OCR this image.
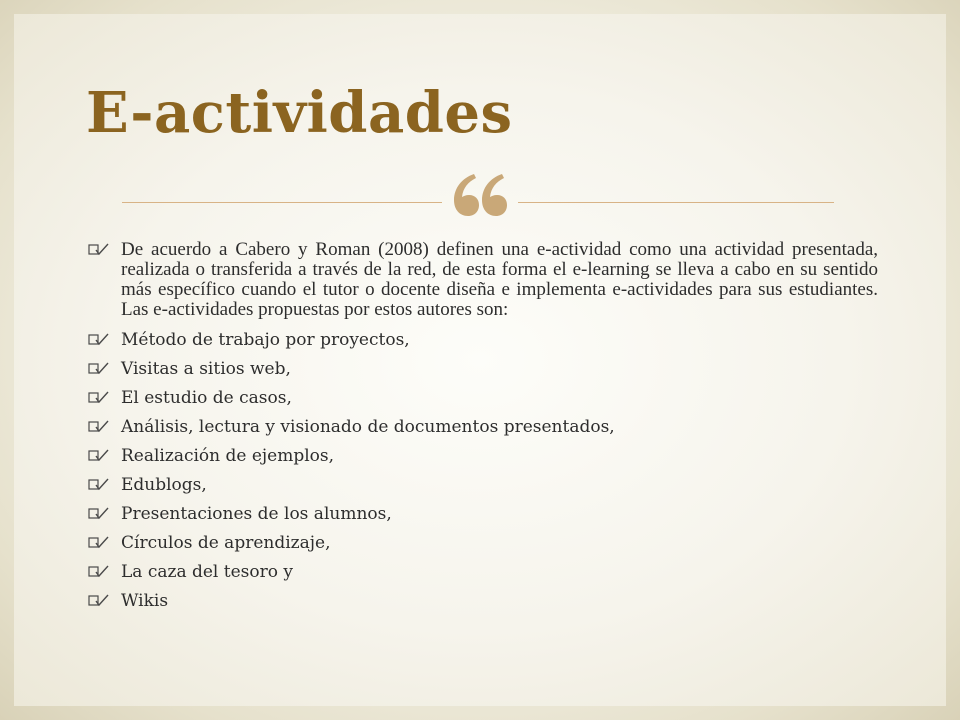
E-actividades
De acuerdo a Cabero y Roman (2008) definen una e-actividad como una actividad presentada, realizada o transferida a través de la red, de esta forma el e-learning se lleva a cabo en su sentido más específico cuando el tutor o docente diseña e implementa e-actividades para sus estudiantes. Las e-actividades propuestas por estos autores son:
Método de trabajo por proyectos,
Visitas a sitios web,
El estudio de casos,
Análisis, lectura y visionado de documentos presentados,
Realización de ejemplos,
Edublogs,
Presentaciones de los alumnos,
Círculos de aprendizaje,
La caza del tesoro y
Wikis
